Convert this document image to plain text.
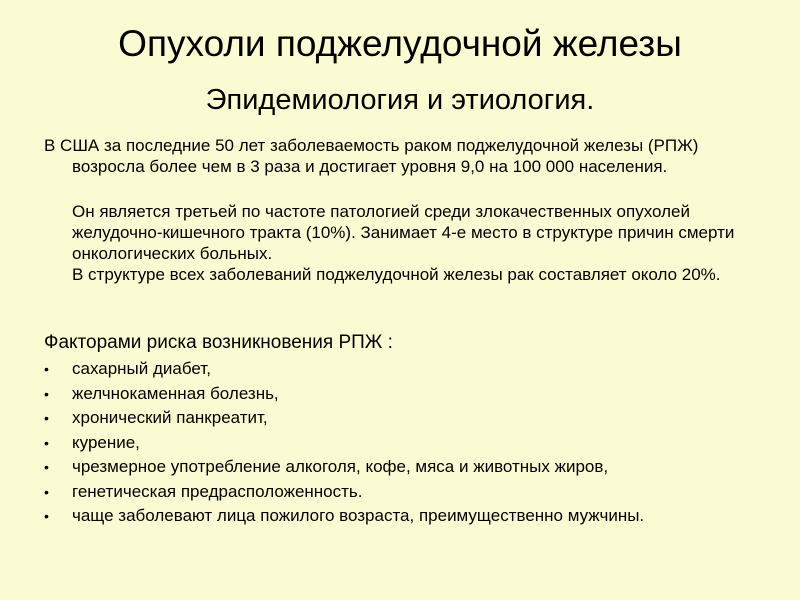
Опухоли поджелудочной железы
Эпидемиология и этиология.

В США за последние 50 лет заболеваемость раком поджелудочной железы (РПЖ) возросла более чем в 3 раза и достигает уровня 9,0 на 100 000 населения.

Он является третьей по частоте патологией среди злокачественных опухолей желудочно-кишечного тракта (10%). Занимает 4-е место в структуре причин смерти онкологических больных.

В структуре всех заболеваний поджелудочной железы рак составляет около 20%.

Факторами риска возникновения РПЖ :

• сахарный диабет,
• желчнокаменная болезнь,
• хронический панкреатит,
• курение,
• чрезмерное употребление алкоголя, кофе, мяса и животных жиров,
• генетическая предрасположенность.
• чаще заболевают лица пожилого возраста, преимущественно мужчины.
